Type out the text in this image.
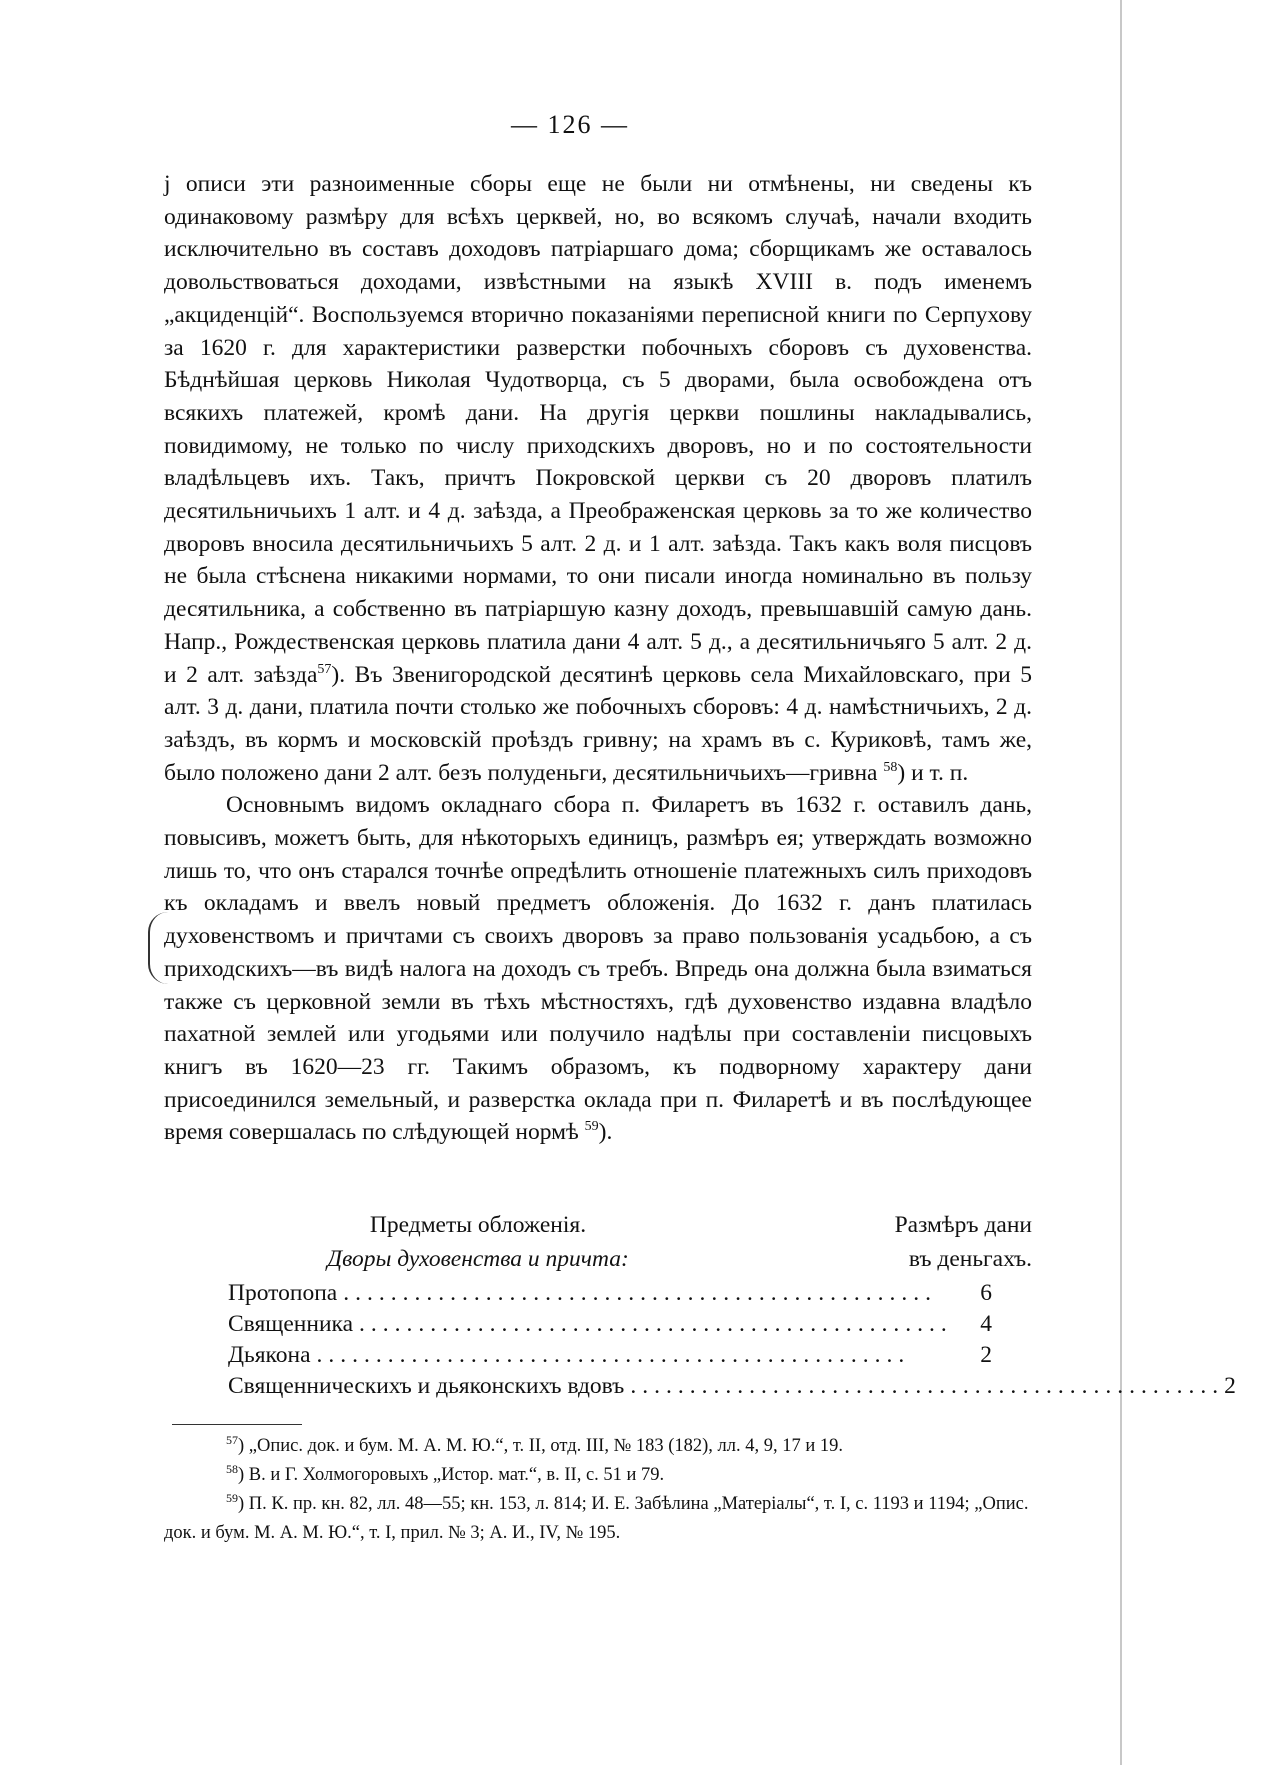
— 126 —

ј описи эти разноименные сборы еще не были ни отмѣнены, ни сведены къ одинаковому размѣру для всѣхъ церквей, но, во всякомъ случаѣ, начали входить исключительно въ составъ доходовъ патріаршаго дома; сборщикамъ же оставалось довольствоваться доходами, извѣстными на языкѣ XVIII в. подъ именемъ „акциденцій“. Воспользуемся вторично показаніями переписной книги по Серпухову за 1620 г. для характеристики разверстки побочныхъ сборовъ съ духовенства. Бѣднѣйшая церковь Николая Чудотворца, съ 5 дворами, была освобождена отъ всякихъ платежей, кромѣ дани. На другія церкви пошлины накладывались, повидимому, не только по числу приходскихъ дворовъ, но и по состоятельности владѣльцевъ ихъ. Такъ, причтъ Покровской церкви съ 20 дворовъ платилъ десятильничьихъ 1 алт. и 4 д. заѣзда, а Преображенская церковь за то же количество дворовъ вносила десятильничьихъ 5 алт. 2 д. и 1 алт. заѣзда. Такъ какъ воля писцовъ не была стѣснена никакими нормами, то они писали иногда номинально въ пользу десятильника, а собственно въ патріаршую казну доходъ, превышавшій самую дань. Напр., Рождественская церковь платила дани 4 алт. 5 д., а десятильничьяго 5 алт. 2 д. и 2 алт. заѣзда$^{57}$). Въ Звенигородской десятинѣ церковь села Михайловскаго, при 5 алт. 3 д. дани, платила почти столько же побочныхъ сборовъ: 4 д. намѣстничьихъ, 2 д. заѣздъ, въ кормъ и московскій проѣздъ гривну; на храмъ въ с. Куриковѣ, тамъ же, было положено дани 2 алт. безъ полуденьги, десятильничьихъ—гривна $^{58}$) и т. п.

Основнымъ видомъ окладнаго сбора п. Филаретъ въ 1632 г. оставилъ дань, повысивъ, можетъ быть, для нѣкоторыхъ единицъ, размѣръ ея; утверждать возможно лишь то, что онъ старался точнѣе опредѣлить отношеніе платежныхъ силъ приходовъ къ окладамъ и ввелъ новый предметъ обложенія. До 1632 г. данъ платилась духовенствомъ и причтами съ своихъ дворовъ за право пользованія усадьбою, а съ приходскихъ—въ видѣ налога на доходъ съ требъ. Впредь она должна была взиматься также съ церковной земли въ тѣхъ мѣстностяхъ, гдѣ духовенство издавна владѣло пахатной землей или угодьями или получило надѣлы при составленіи писцовыхъ книгъ въ 1620—23 гг. Такимъ образомъ, къ подворному характеру дани присоединился земельный, и разверстка оклада при п. Филаретѣ и въ послѣдующее время совершалась по слѣдующей нормѣ $^{59}$).

Предметы обложенія.	Размѣръ дани
Дворы духовенства и причта:	въ деньгахъ.
Протопопа ..................................................	6
Священника ..................................................	4
Дьякона ..................................................	2
Священническихъ и дьяконскихъ вдовъ .................................................. 2

$^{57}$) „Опис. док. и бум. М. А. М. Ю.“, т. II, отд. III, № 183 (182), лл. 4, 9, 17 и 19.

$^{58}$) В. и Г. Холмогоровыхъ „Истор. мат.“, в. II, с. 51 и 79.

$^{59}$) П. К. пр. кн. 82, лл. 48—55; кн. 153, л. 814; И. Е. Забѣлина „Матеріалы“, т. I, с. 1193 и 1194; „Опис. док. и бум. М. А. М. Ю.“, т. I, прил. № 3; А. И., IV, № 195.
